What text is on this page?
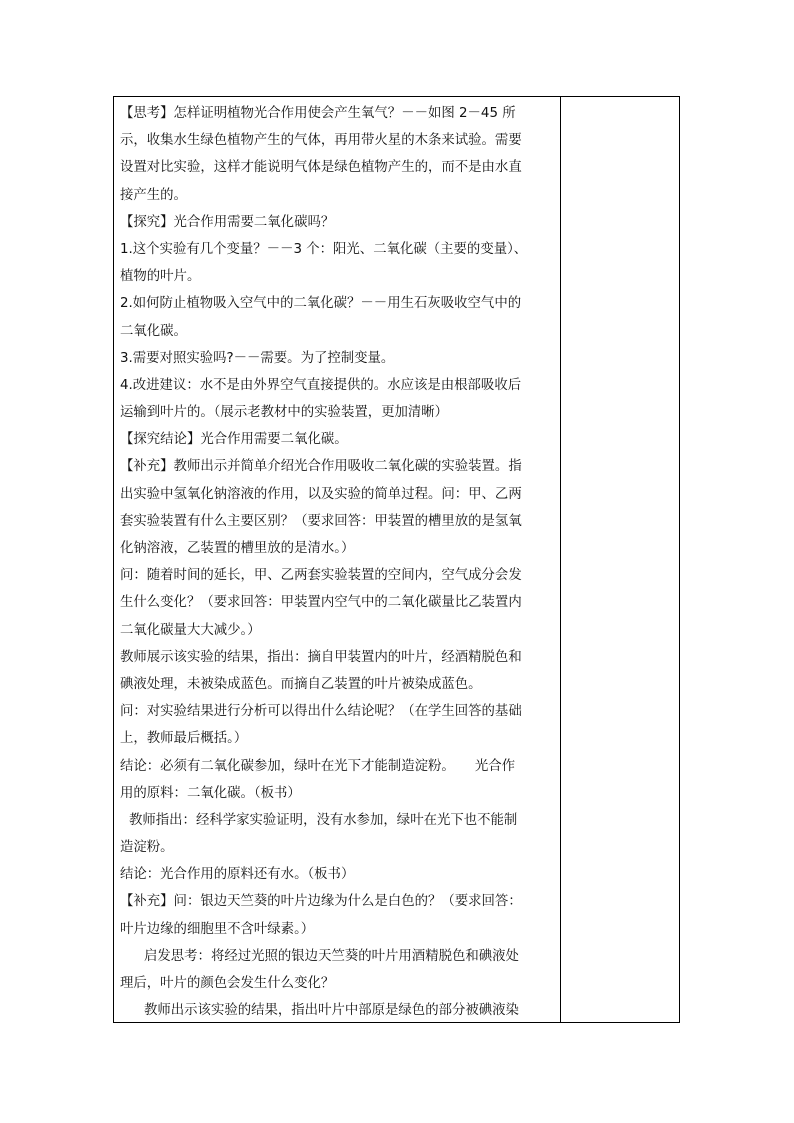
【思考】怎样证明植物光合作用使会产生氧气？－－如图 2－45 所
示，收集水生绿色植物产生的气体，再用带火星的木条来试验。需要
设置对比实验，这样才能说明气体是绿色植物产生的，而不是由水直
接产生的。
【探究】光合作用需要二氧化碳吗？
1.这个实验有几个变量？－－3 个：阳光、二氧化碳（主要的变量）、
植物的叶片。
2.如何防止植物吸入空气中的二氧化碳？－－用生石灰吸收空气中的
二氧化碳。
3.需要对照实验吗?－－需要。为了控制变量。
4.改进建议：水不是由外界空气直接提供的。水应该是由根部吸收后
运输到叶片的。（展示老教材中的实验装置，更加清晰）
【探究结论】光合作用需要二氧化碳。
【补充】教师出示并简单介绍光合作用吸收二氧化碳的实验装置。指
出实验中氢氧化钠溶液的作用，以及实验的简单过程。问：甲、乙两
套实验装置有什么主要区别？（要求回答：甲装置的槽里放的是氢氧
化钠溶液，乙装置的槽里放的是清水。）
问：随着时间的延长，甲、乙两套实验装置的空间内，空气成分会发
生什么变化？（要求回答：甲装置内空气中的二氧化碳量比乙装置内
二氧化碳量大大减少。）
教师展示该实验的结果，指出：摘自甲装置内的叶片，经酒精脱色和
碘液处理，未被染成蓝色。而摘自乙装置的叶片被染成蓝色。
问：对实验结果进行分析可以得出什么结论呢？（在学生回答的基础
上，教师最后概括。）
结论：必须有二氧化碳参加，绿叶在光下才能制造淀粉。　　光合作
用的原料：二氧化碳。（板书）
教师指出：经科学家实验证明，没有水参加，绿叶在光下也不能制
造淀粉。
结论：光合作用的原料还有水。（板书）
【补充】问：银边天竺葵的叶片边缘为什么是白色的？（要求回答：
叶片边缘的细胞里不含叶绿素。）
启发思考：将经过光照的银边天竺葵的叶片用酒精脱色和碘液处
理后，叶片的颜色会发生什么变化？
教师出示该实验的结果，指出叶片中部原是绿色的部分被碘液染
